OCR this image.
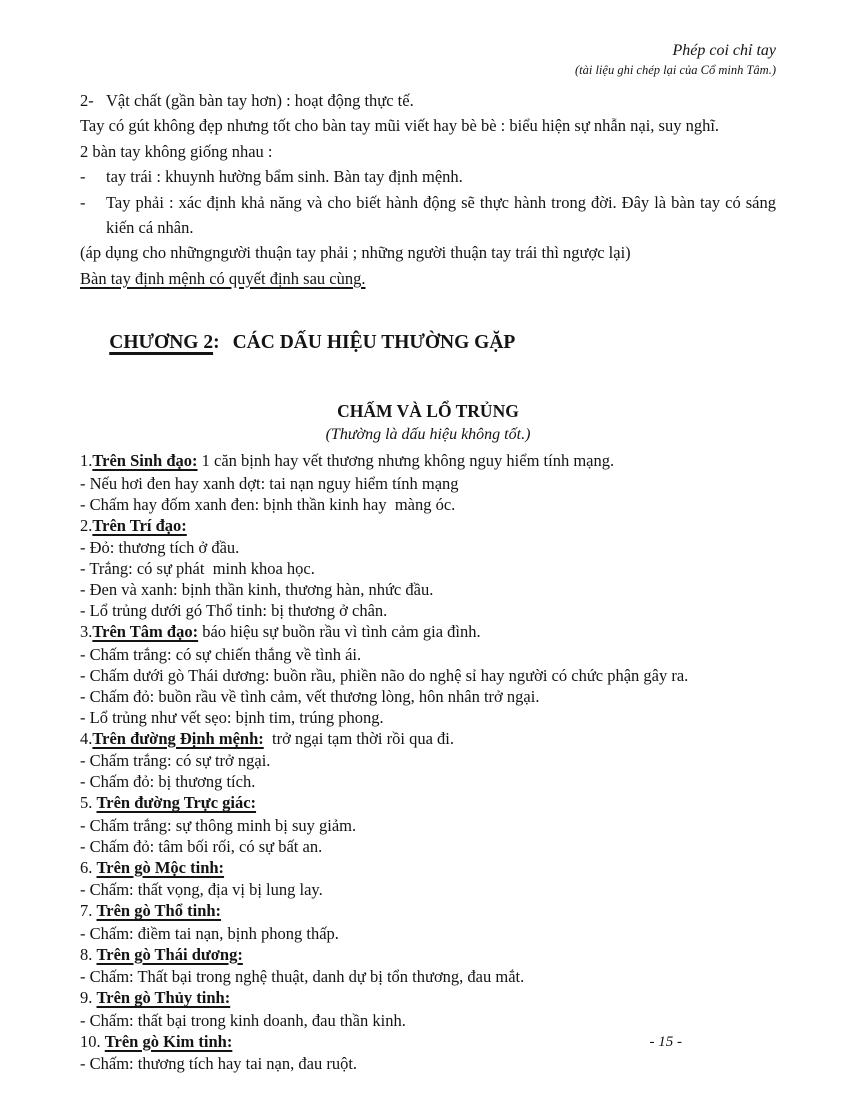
Phép coi chỉ tay
(tài liệu ghi chép lại của Cổ minh Tâm.)
2- Vật chất (gần bàn tay hơn) : hoạt động thực tế.
Tay có gút không đẹp nhưng tốt cho bàn tay mũi viết hay bè bè : biểu hiện sự nhẫn nại, suy nghĩ.
2 bàn tay không giống nhau :
-	tay trái : khuynh hường bẩm sinh. Bàn tay định mệnh.
-	Tay phải : xác định khả năng và cho biết hành động sẽ thực hành trong đời. Đây là bàn tay có sáng kiến cá nhân.
(áp dụng cho nhữngngười thuận tay phải ; những người thuận tay trái thì ngược lại)
Bàn tay định mệnh có quyết định sau cùng.

CHƯƠNG 2: CÁC DẤU HIỆU THƯỜNG GẶP

CHẤM VÀ LỔ TRỦNG
(Thường là dấu hiệu không tốt.)
1.Trên Sinh đạo: 1 căn bịnh hay vết thương nhưng không nguy hiểm tính mạng.
- Nếu hơi đen hay xanh dợt: tai nạn nguy hiểm tính mạng
- Chấm hay đốm xanh đen: bịnh thần kinh hay  màng óc.
2.Trên Trí đạo:
- Đỏ: thương tích ở đầu.
- Trắng: có sự phát  minh khoa học.
- Đen và xanh: bịnh thần kinh, thương hàn, nhức đầu.
- Lổ trủng dưới gó Thổ tinh: bị thương ở chân.
3.Trên Tâm đạo: báo hiệu sự buồn rầu vì tình cảm gia đình.
- Chấm trắng: có sự chiến thắng về tình ái.
- Chấm dưới gò Thái dương: buồn rầu, phiền não do nghệ sỉ hay người có chức phận gây ra.
- Chấm đỏ: buồn rầu về tình cảm, vết thương lòng, hôn nhân trở ngại.
- Lổ trủng như vết sẹo: bịnh tim, trúng phong.
4.Trên đường Định mệnh:  trở ngại tạm thời rồi qua đi.
- Chấm trắng: có sự trở ngại.
- Chấm đỏ: bị thương tích.
5. Trên đường Trực giác:
- Chấm trắng: sự thông minh bị suy giảm.
- Chấm đỏ: tâm bối rối, có sự bất an.
6. Trên gò Mộc tinh:
- Chấm: thất vọng, địa vị bị lung lay.
7. Trên gò Thổ tinh:
- Chấm: điềm tai nạn, bịnh phong thấp.
8. Trên gò Thái dương:
- Chấm: Thất bại trong nghệ thuật, danh dự bị tổn thương, đau mắt.
9. Trên gò Thủy tinh:
- Chấm: thất bại trong kinh doanh, đau thần kinh.
10. Trên gò Kim tinh:
- Chấm: thương tích hay tai nạn, đau ruột.
- 15 -
